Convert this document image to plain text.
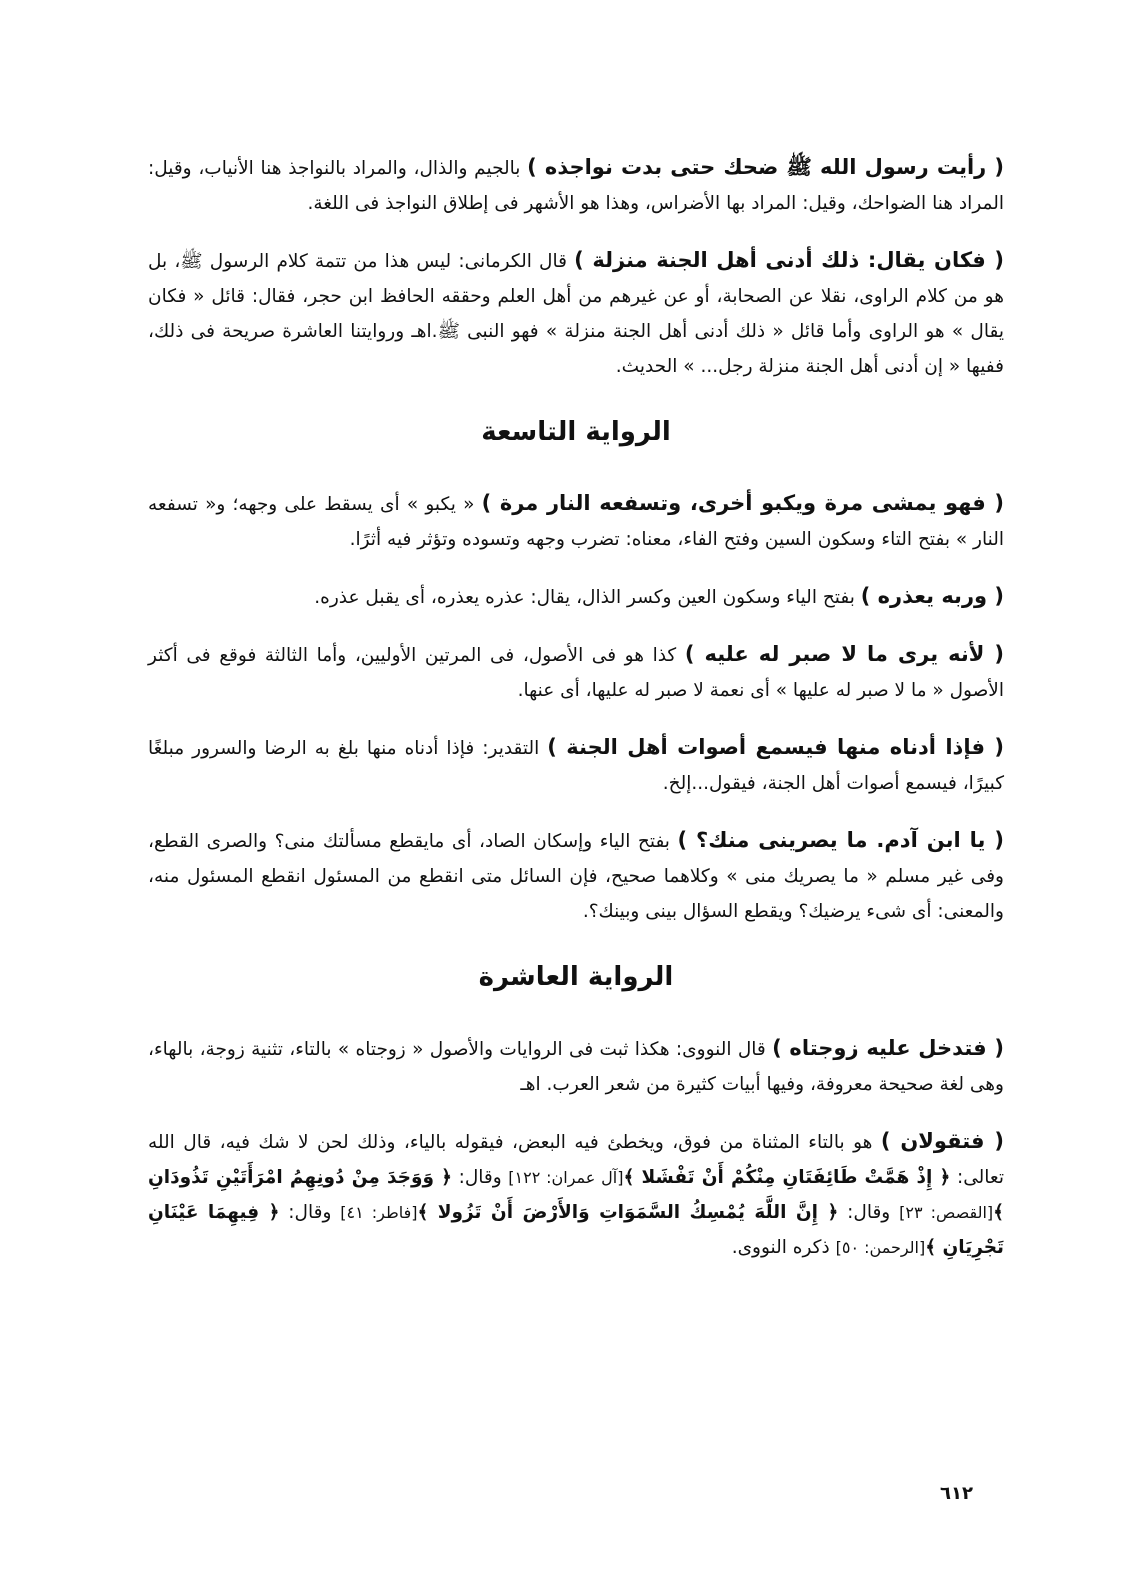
( رأيت رسول الله ﷺ ضحك حتى بدت نواجذه ) بالجيم والذال، والمراد بالنواجذ هنا الأنياب، وقيل: المراد هنا الضواحك، وقيل: المراد بها الأضراس، وهذا هو الأشهر فى إطلاق النواجذ فى اللغة.

( فكان يقال: ذلك أدنى أهل الجنة منزلة ) قال الكرمانى: ليس هذا من تتمة كلام الرسول ﷺ، بل هو من كلام الراوى، نقلا عن الصحابة، أو عن غيرهم من أهل العلم وحققه الحافظ ابن حجر، فقال: قائل « فكان يقال » هو الراوى وأما قائل « ذلك أدنى أهل الجنة منزلة » فهو النبى ﷺ.اهـ وروايتنا العاشرة صريحة فى ذلك، ففيها « إن أدنى أهل الجنة منزلة رجل... » الحديث.

الرواية التاسعة

( فهو يمشى مرة ويكبو أخرى، وتسفعه النار مرة ) « يكبو » أى يسقط على وجهه؛ و« تسفعه النار » بفتح التاء وسكون السين وفتح الفاء، معناه: تضرب وجهه وتسوده وتؤثر فيه أثرًا.

( وربه يعذره ) بفتح الياء وسكون العين وكسر الذال، يقال: عذره يعذره، أى يقبل عذره.

( لأنه يرى ما لا صبر له عليه ) كذا هو فى الأصول، فى المرتين الأوليين، وأما الثالثة فوقع فى أكثر الأصول « ما لا صبر له عليها » أى نعمة لا صبر له عليها، أى عنها.

( فإذا أدناه منها فيسمع أصوات أهل الجنة ) التقدير: فإذا أدناه منها بلغ به الرضا والسرور مبلغًا كبيرًا، فيسمع أصوات أهل الجنة، فيقول...إلخ.

( يا ابن آدم. ما يصرينى منك؟ ) بفتح الياء وإسكان الصاد، أى مايقطع مسألتك منى؟ والصرى القطع، وفى غير مسلم « ما يصريك منى » وكلاهما صحيح، فإن السائل متى انقطع من المسئول انقطع المسئول منه، والمعنى: أى شىء يرضيك؟ ويقطع السؤال بينى وبينك؟.

الرواية العاشرة

( فتدخل عليه زوجتاه ) قال النووى: هكذا ثبت فى الروايات والأصول « زوجتاه » بالتاء، تثنية زوجة، بالهاء، وهى لغة صحيحة معروفة، وفيها أبيات كثيرة من شعر العرب. اهـ

( فتقولان ) هو بالتاء المثناة من فوق، ويخطئ فيه البعض، فيقوله بالياء، وذلك لحن لا شك فيه، قال الله تعالى: ﴿ إِذْ هَمَّتْ طَائِفَتَانِ مِنْكُمْ أَنْ تَفْشَلا ﴾[آل عمران: ١٢٢] وقال: ﴿ وَوَجَدَ مِنْ دُونِهِمُ امْرَأَتَيْنِ تَذُودَانِ ﴾[القصص: ٢٣] وقال: ﴿ إِنَّ اللَّهَ يُمْسِكُ السَّمَوَاتِ وَالأَرْضَ أَنْ تَزُولا ﴾[فاطر: ٤١] وقال: ﴿ فِيهِمَا عَيْنَانِ تَجْرِيَانِ ﴾[الرحمن: ٥٠] ذكره النووى.

٦١٢
